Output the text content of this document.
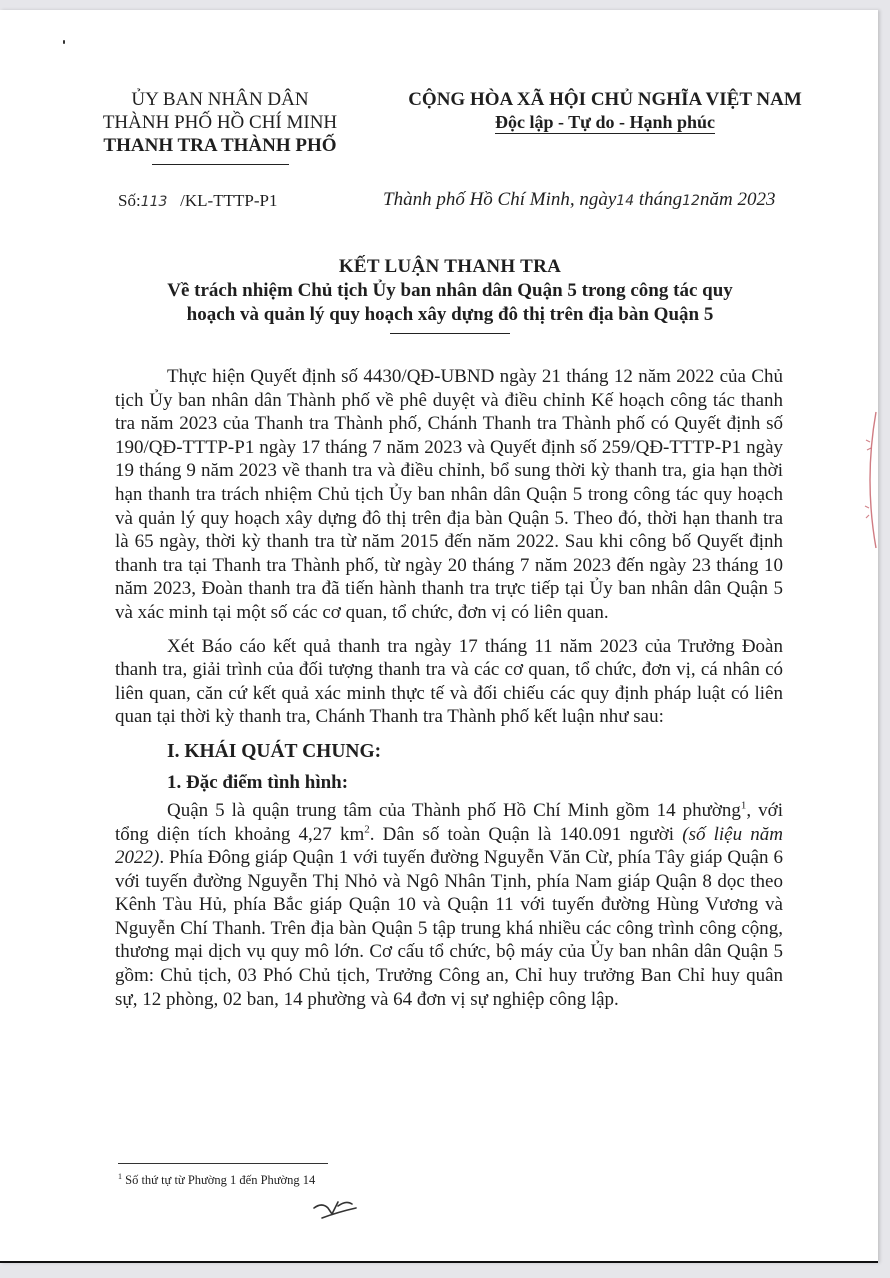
ỦY BAN NHÂN DÂN
THÀNH PHỐ HỒ CHÍ MINH
THANH TRA THÀNH PHỐ
CỘNG HÒA XÃ HỘI CHỦ NGHĨA VIỆT NAM
Độc lập - Tự do - Hạnh phúc
Số:113 /KL-TTTP-P1	Thành phố Hồ Chí Minh, ngày14 tháng12năm 2023
KẾT LUẬN THANH TRA
Về trách nhiệm Chủ tịch Ủy ban nhân dân Quận 5 trong công tác quy
hoạch và quản lý quy hoạch xây dựng đô thị trên địa bàn Quận 5

Thực hiện Quyết định số 4430/QĐ-UBND ngày 21 tháng 12 năm 2022 của Chủ tịch Ủy ban nhân dân Thành phố về phê duyệt và điều chỉnh Kế hoạch công tác thanh tra năm 2023 của Thanh tra Thành phố, Chánh Thanh tra Thành phố có Quyết định số 190/QĐ-TTTP-P1 ngày 17 tháng 7 năm 2023 và Quyết định số 259/QĐ-TTTP-P1 ngày 19 tháng 9 năm 2023 về thanh tra và điều chỉnh, bổ sung thời kỳ thanh tra, gia hạn thời hạn thanh tra trách nhiệm Chủ tịch Ủy ban nhân dân Quận 5 trong công tác quy hoạch và quản lý quy hoạch xây dựng đô thị trên địa bàn Quận 5. Theo đó, thời hạn thanh tra là 65 ngày, thời kỳ thanh tra từ năm 2015 đến năm 2022. Sau khi công bố Quyết định thanh tra tại Thanh tra Thành phố, từ ngày 20 tháng 7 năm 2023 đến ngày 23 tháng 10 năm 2023, Đoàn thanh tra đã tiến hành thanh tra trực tiếp tại Ủy ban nhân dân Quận 5 và xác minh tại một số các cơ quan, tổ chức, đơn vị có liên quan.

Xét Báo cáo kết quả thanh tra ngày 17 tháng 11 năm 2023 của Trưởng Đoàn thanh tra, giải trình của đối tượng thanh tra và các cơ quan, tổ chức, đơn vị, cá nhân có liên quan, căn cứ kết quả xác minh thực tế và đối chiếu các quy định pháp luật có liên quan tại thời kỳ thanh tra, Chánh Thanh tra Thành phố kết luận như sau:

I. KHÁI QUÁT CHUNG:
1. Đặc điểm tình hình:

Quận 5 là quận trung tâm của Thành phố Hồ Chí Minh gồm 14 phường$^1$, với tổng diện tích khoảng 4,27 $km^2$. Dân số toàn Quận là 140.091 người (số liệu năm 2022). Phía Đông giáp Quận 1 với tuyến đường Nguyễn Văn Cừ, phía Tây giáp Quận 6 với tuyến đường Nguyễn Thị Nhỏ và Ngô Nhân Tịnh, phía Nam giáp Quận 8 dọc theo Kênh Tàu Hủ, phía Bắc giáp Quận 10 và Quận 11 với tuyến đường Hùng Vương và Nguyễn Chí Thanh. Trên địa bàn Quận 5 tập trung khá nhiều các công trình công cộng, thương mại dịch vụ quy mô lớn. Cơ cấu tổ chức, bộ máy của Ủy ban nhân dân Quận 5 gồm: Chủ tịch, 03 Phó Chủ tịch, Trưởng Công an, Chỉ huy trưởng Ban Chỉ huy quân sự, 12 phòng, 02 ban, 14 phường và 64 đơn vị sự nghiệp công lập.

$^1$ Số thứ tự từ Phường 1 đến Phường 14
